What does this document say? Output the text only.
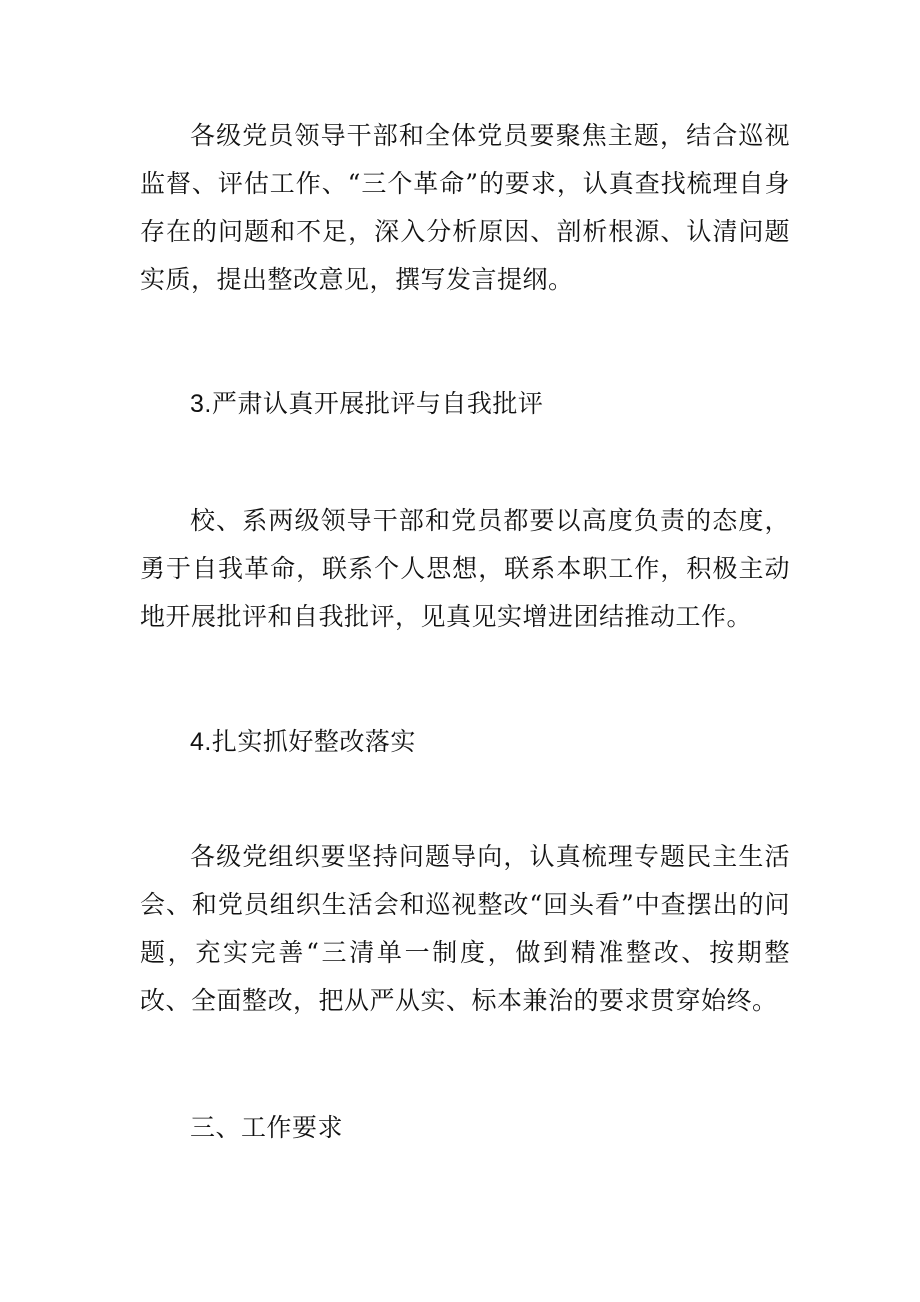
各级党员领导干部和全体党员要聚焦主题，结合巡视监督、评估工作、“三个革命”的要求，认真查找梳理自身存在的问题和不足，深入分析原因、剖析根源、认清问题实质，提出整改意见，撰写发言提纲。

3.严肃认真开展批评与自我批评

校、系两级领导干部和党员都要以高度负责的态度，勇于自我革命，联系个人思想，联系本职工作，积极主动地开展批评和自我批评，见真见实增进团结推动工作。

4.扎实抓好整改落实

各级党组织要坚持问题导向，认真梳理专题民主生活会、和党员组织生活会和巡视整改“回头看”中查摆出的问题，充实完善“三清单一制度，做到精准整改、按期整改、全面整改，把从严从实、标本兼治的要求贯穿始终。

三、工作要求
